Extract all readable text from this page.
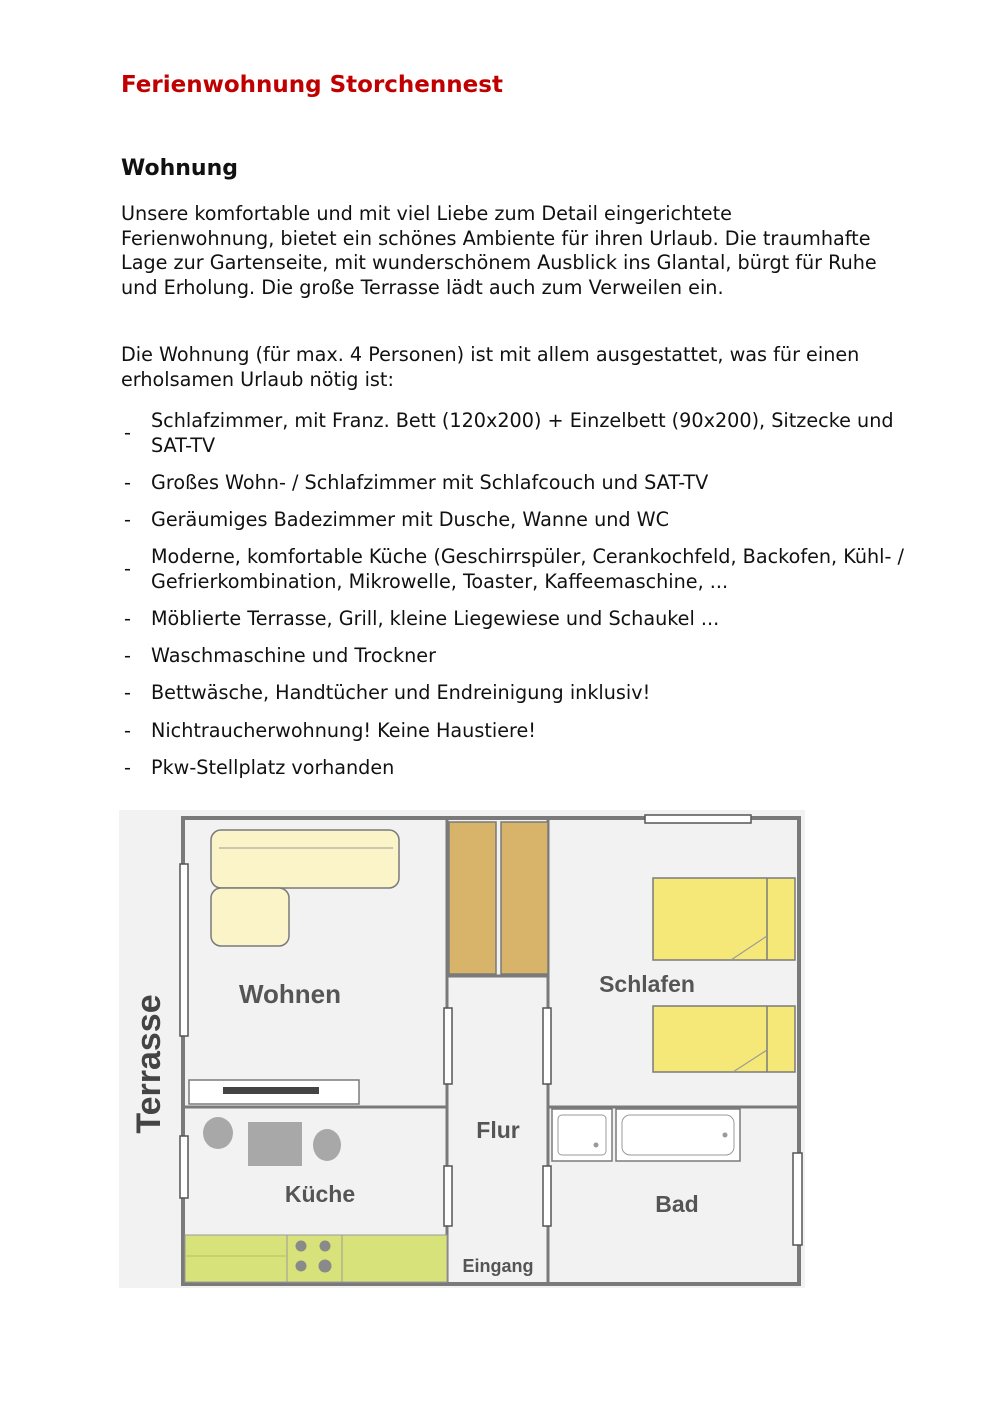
Ferienwohnung Storchennest
Wohnung

Unsere komfortable und mit viel Liebe zum Detail eingerichtete Ferienwohnung, bietet ein schönes Ambiente für ihren Urlaub. Die traumhafte Lage zur Gartenseite, mit wunderschönem Ausblick ins Glantal, bürgt für Ruhe und Erholung. Die große Terrasse lädt auch zum Verweilen ein.

Die Wohnung (für max. 4 Personen) ist mit allem ausgestattet, was für einen erholsamen Urlaub nötig ist:

-
Schlafzimmer, mit Franz. Bett (120x200) + Einzelbett (90x200), Sitzecke und SAT-TV
-	Großes Wohn- / Schlafzimmer mit Schlafcouch und SAT-TV
-	Geräumiges Badezimmer mit Dusche, Wanne und WC
-
Moderne, komfortable Küche (Geschirrspüler, Cerankochfeld, Backofen, Kühl- / Gefrierkombination, Mikrowelle, Toaster, Kaffeemaschine, ...
-	Möblierte Terrasse, Grill, kleine Liegewiese und Schaukel ...
-	Waschmaschine und Trockner
-	Bettwäsche, Handtücher und Endreinigung inklusiv!
-	Nichtraucherwohnung! Keine Haustiere!
-	Pkw-Stellplatz vorhanden
Terrasse
Wohnen	Schlafen
Flur
Küche	Bad
Eingang
